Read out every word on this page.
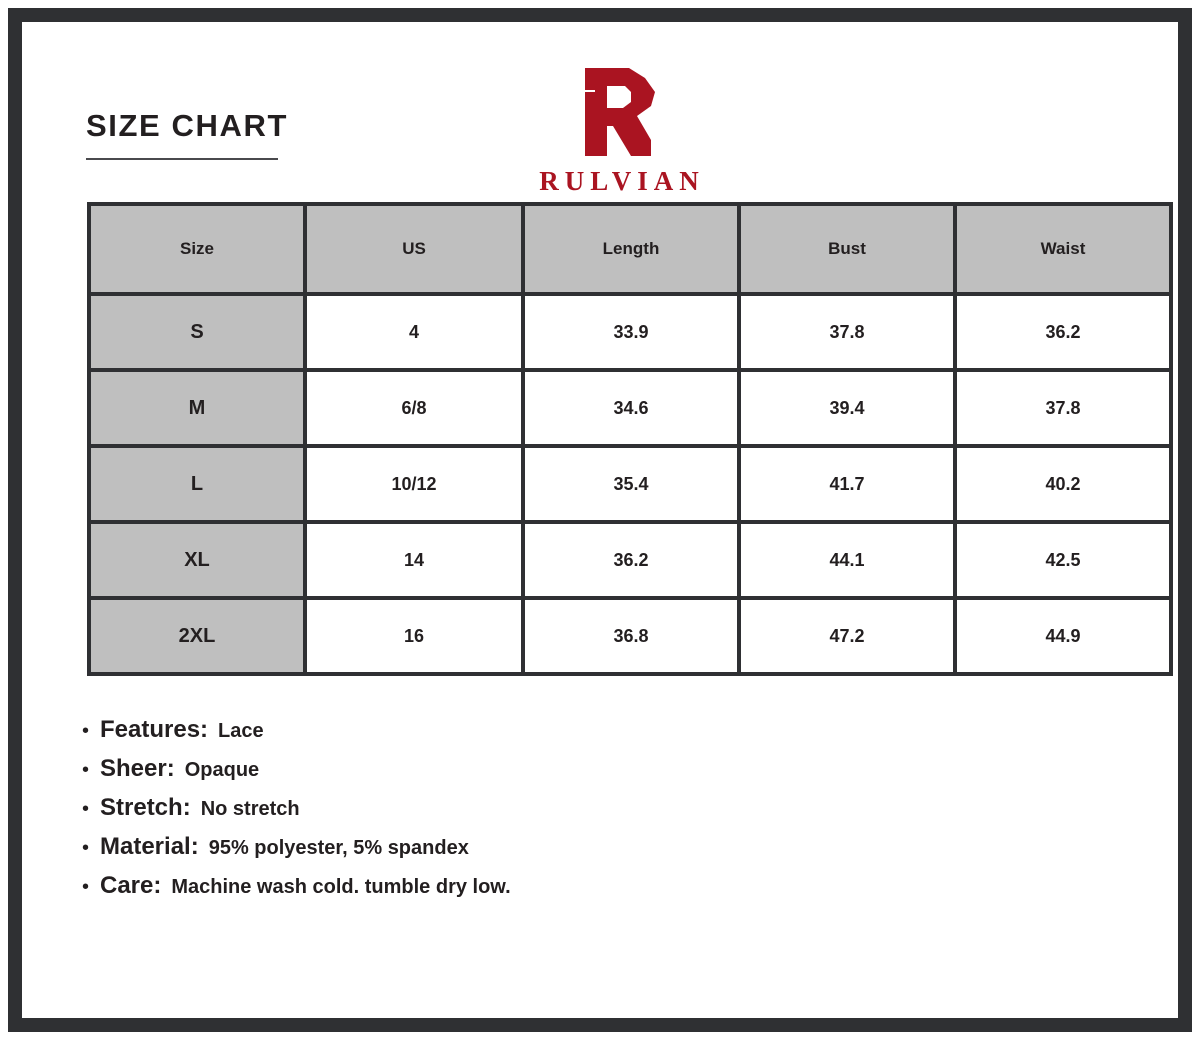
SIZE CHART
RULVIAN
Size	US	Length	Bust	Waist
S	4	33.9	37.8	36.2
M	6/8	34.6	39.4	37.8
L	10/12	35.4	41.7	40.2
XL	14	36.2	44.1	42.5
2XL	16	36.8	47.2	44.9
• Features: Lace
• Sheer: Opaque
• Stretch: No stretch
• Material: 95% polyester, 5% spandex
• Care: Machine wash cold. tumble dry low.
